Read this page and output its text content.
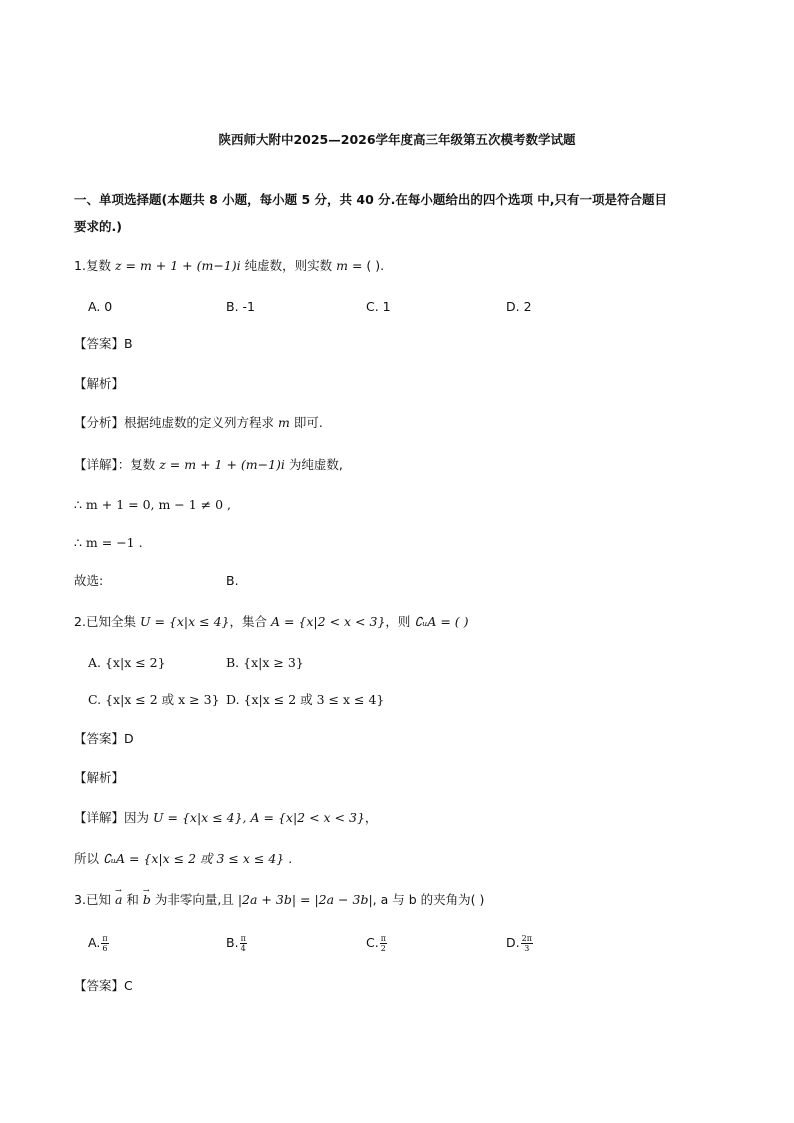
陕西师大附中2025—2026学年度高三年级第五次模考数学试题
一、单项选择题(本题共 8 小题，每小题 5 分，共 40 分.在每小题给出的四个选项 中,只有一项是符合题目
要求的.)
1.复数 z = m + 1 + (m−1)i 纯虚数，则实数 m = ( ).
A. 0	B. -1	C. 1	D. 2
【答案】B
【解析】
【分析】根据纯虚数的定义列方程求 m 即可.
【详解】：复数 z = m + 1 + (m−1)i 为纯虚数,
∴ m + 1 = 0, m − 1 ≠ 0 ,
∴ m = −1 .
故选:	B.
2.已知全集 U = {x|x ≤ 4}，集合 A = {x|2 < x < 3}，则 ∁ᵤA = ( )
A. {x|x ≤ 2}	B. {x|x ≥ 3}
C. {x|x ≤ 2 或 x ≥ 3} D. {x|x ≤ 2 或 3 ≤ x ≤ 4}
【答案】D
【解析】
【详解】因为 U = {x|x ≤ 4}, A = {x|2 < x < 3}，
所以 ∁ᵤA = {x|x ≤ 2 或 3 ≤ x ≤ 4} .
3.已知 → a 和 → b 为非零向量,且 |2a + 3b| = |2a − 3b|, a 与 b 的夹角为( )
A. $\frac{\pi}{6}$	B. $\frac{\pi}{4}$	C. $\frac{\pi}{2}$	D. $\frac{2\pi}{3}$
【答案】C
